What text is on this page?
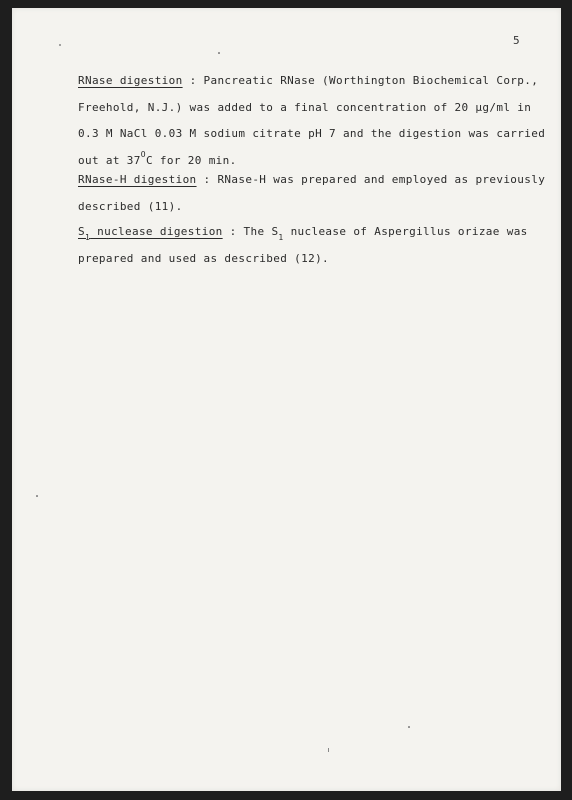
5
RNase digestion : Pancreatic RNase (Worthington Biochemical Corp.,
Freehold, N.J.) was added to a final concentration of 20 μg/ml in
0.3 M NaCl 0.03 M sodium citrate pH 7 and the digestion was carried
out at $37^OC$ for 20 min.
RNase-H digestion : RNase-H was prepared and employed as previously
described (11).
$S_1$ nuclease digestion : The $S_1$ nuclease of Aspergillus orizae was
prepared and used as described (12).
